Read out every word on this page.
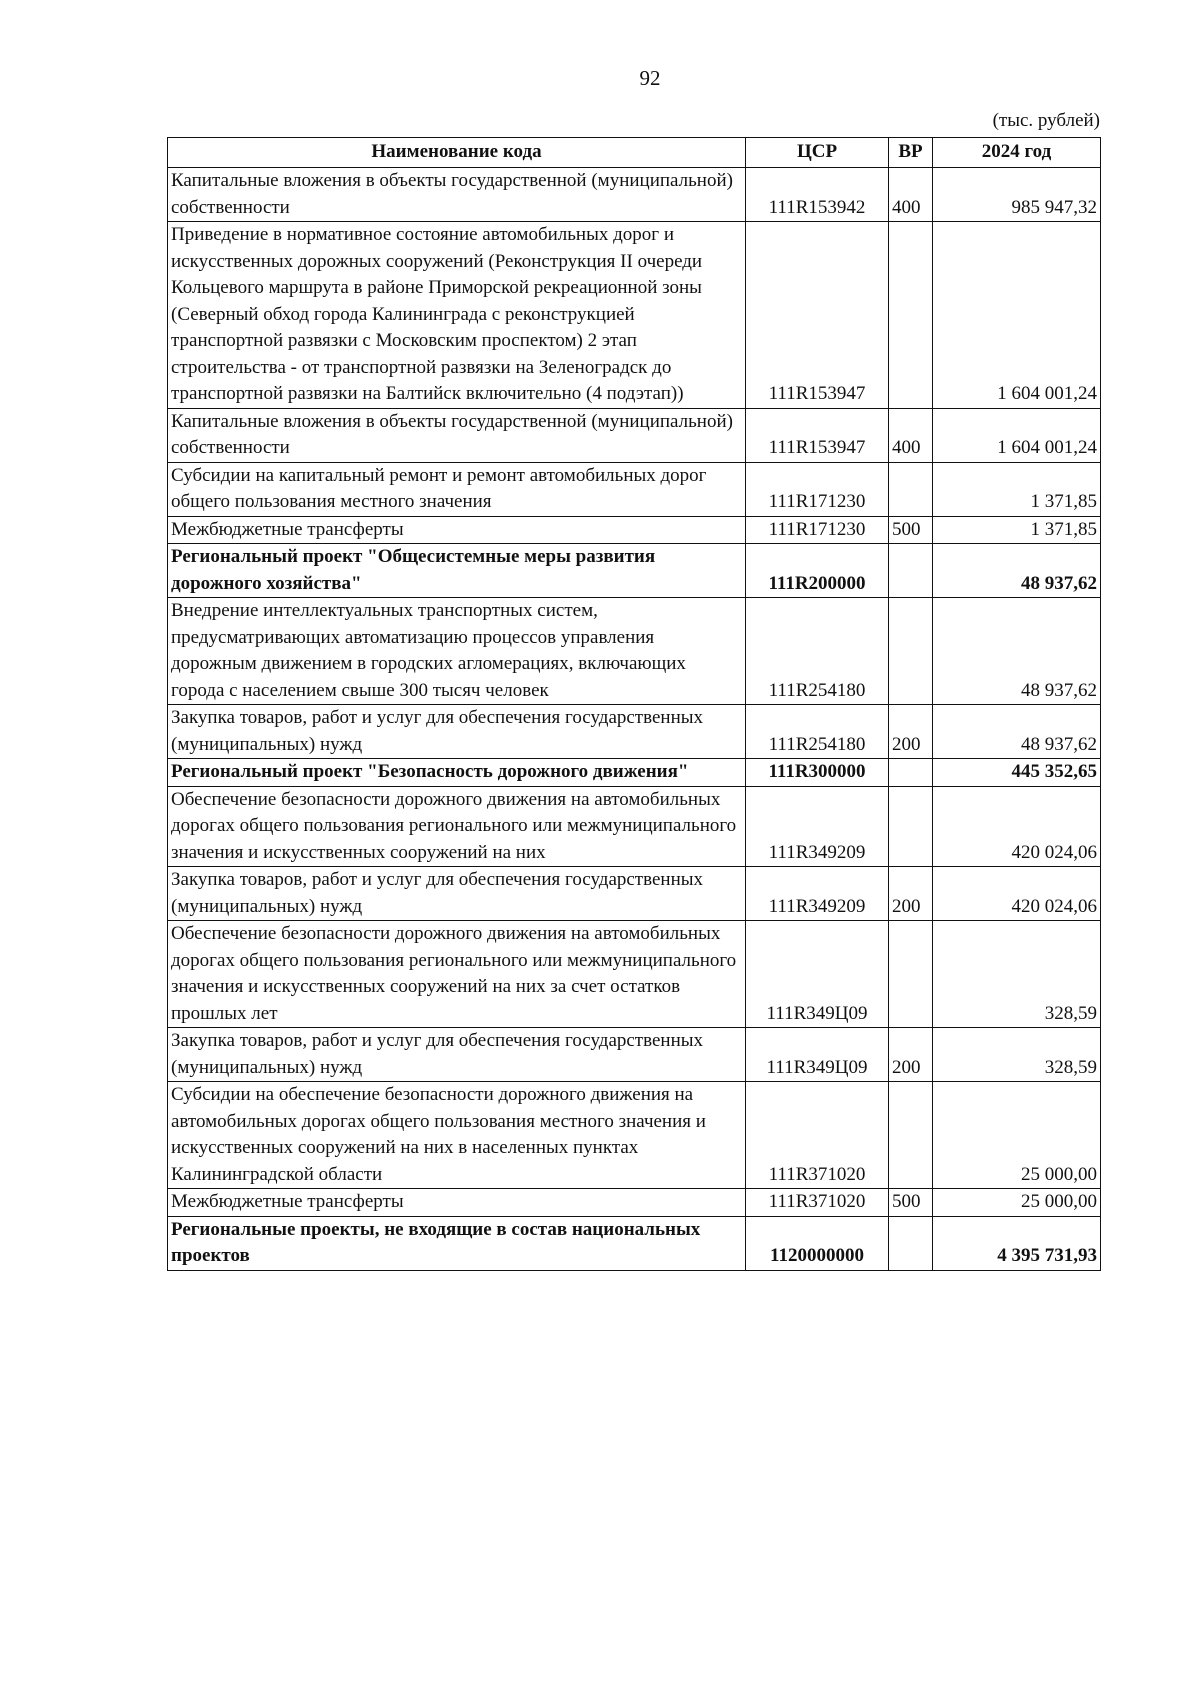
92
(тыс. рублей)
Наименование кода	ЦСР	ВР	2024 год
Капитальные вложения в объекты государственной (муниципальной) собственности	111R153942	400	985 947,32
Приведение в нормативное состояние автомобильных дорог и искусственных дорожных сооружений (Реконструкция II очереди Кольцевого маршрута в районе Приморской рекреационной зоны (Северный обход города Калининграда с реконструкцией транспортной развязки с Московским проспектом) 2 этап строительства - от транспортной развязки на Зеленоградск до транспортной развязки на Балтийск включительно (4 подэтап))	111R153947		1 604 001,24
Капитальные вложения в объекты государственной (муниципальной) собственности	111R153947	400	1 604 001,24
Субсидии на капитальный ремонт и ремонт автомобильных дорог общего пользования местного значения	111R171230		1 371,85
Межбюджетные трансферты	111R171230	500	1 371,85
Региональный проект "Общесистемные меры развития дорожного хозяйства"	111R200000		48 937,62
Внедрение интеллектуальных транспортных систем, предусматривающих автоматизацию процессов управления дорожным движением в городских агломерациях, включающих города с населением свыше 300 тысяч человек	111R254180		48 937,62
Закупка товаров, работ и услуг для обеспечения государственных (муниципальных) нужд	111R254180	200	48 937,62
Региональный проект "Безопасность дорожного движения"	111R300000		445 352,65
Обеспечение безопасности дорожного движения на автомобильных дорогах общего пользования регионального или межмуниципального значения и искусственных сооружений на них	111R349209		420 024,06
Закупка товаров, работ и услуг для обеспечения государственных (муниципальных) нужд	111R349209	200	420 024,06
Обеспечение безопасности дорожного движения на автомобильных дорогах общего пользования регионального или межмуниципального значения и искусственных сооружений на них за счет остатков прошлых лет	111R349Ц09		328,59
Закупка товаров, работ и услуг для обеспечения государственных (муниципальных) нужд	111R349Ц09	200	328,59
Субсидии на обеспечение безопасности дорожного движения на автомобильных дорогах общего пользования местного значения и искусственных сооружений на них в населенных пунктах Калининградской области	111R371020		25 000,00
Межбюджетные трансферты	111R371020	500	25 000,00
Региональные проекты, не входящие в состав национальных проектов	1120000000		4 395 731,93
